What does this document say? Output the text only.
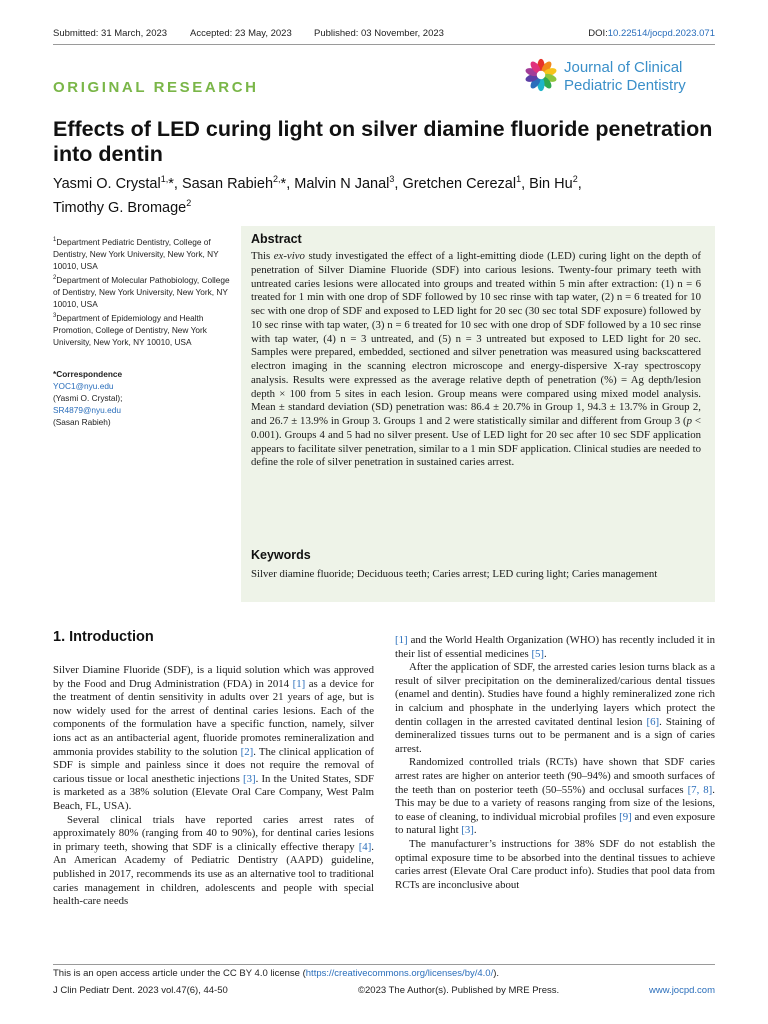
Submitted: 31 March, 2023 Accepted: 23 May, 2023 Published: 03 November, 2023	DOI:10.22514/jocpd.2023.071
ORIGINAL RESEARCH
Journal of Clinical
Pediatric Dentistry
Effects of LED curing light on silver diamine fluoride penetration into dentin
Yasmi O. Crystal$^{1,}$*, Sasan Rabieh$^{2,}$*, Malvin N Janal$^3$, Gretchen Cerezal$^1$, Bin Hu$^2$,
Timothy G. Bromage$^2$

$^1$Department Pediatric Dentistry, College of Dentistry, New York University, New York, NY 10010, USA

$^2$Department of Molecular Pathobiology, College of Dentistry, New York University, New York, NY 10010, USA

$^3$Department of Epidemiology and Health Promotion, College of Dentistry, New York University, New York, NY 10010, USA

*Correspondence
YOC1@nyu.edu
(Yasmi O. Crystal);
SR4879@nyu.edu
(Sasan Rabieh)
Abstract

This ex-vivo study investigated the effect of a light-emitting diode (LED) curing light on the depth of penetration of Silver Diamine Fluoride (SDF) into carious lesions. Twenty-four primary teeth with untreated caries lesions were allocated into groups and treated within 5 min after extraction: (1) n = 6 treated for 1 min with one drop of SDF followed by 10 sec rinse with tap water, (2) n = 6 treated for 10 sec with one drop of SDF and exposed to LED light for 20 sec (30 sec total SDF exposure) followed by 10 sec rinse with tap water, (3) n = 6 treated for 10 sec with one drop of SDF followed by a 10 sec rinse with tap water, (4) n = 3 untreated, and (5) n = 3 untreated but exposed to LED light for 20 sec. Samples were prepared, embedded, sectioned and silver penetration was measured using backscattered electron imaging in the scanning electron microscope and energy-dispersive X-ray spectroscopy analysis. Results were expressed as the average relative depth of penetration (%) = Ag depth/lesion depth × 100 from 5 sites in each lesion. Group means were compared using mixed model analysis. Mean ± standard deviation (SD) penetration was: 86.4 ± 20.7% in Group 1, 94.3 ± 13.7% in Group 2, and 26.7 ± 13.9% in Group 3. Groups 1 and 2 were statistically similar and different from Group 3 (p < 0.001). Groups 4 and 5 had no silver present. Use of LED light for 20 sec after 10 sec SDF application appears to facilitate silver penetration, similar to a 1 min SDF application. Clinical studies are needed to define the role of silver penetration in sustained caries arrest.

Keywords

Silver diamine fluoride; Deciduous teeth; Caries arrest; LED curing light; Caries management

1. Introduction

Silver Diamine Fluoride (SDF), is a liquid solution which was approved by the Food and Drug Administration (FDA) in 2014 [1] as a device for the treatment of dentin sensitivity in adults over 21 years of age, but is now widely used for the arrest of dentinal caries lesions. Each of the components of the formulation have a specific function, namely, silver ions act as an antibacterial agent, fluoride promotes remineralization and ammonia provides stability to the solution [2]. The clinical application of SDF is simple and painless since it does not require the removal of carious tissue or local anesthetic injections [3]. In the United States, SDF is marketed as a 38% solution (Elevate Oral Care Company, West Palm Beach, FL, USA).

Several clinical trials have reported caries arrest rates of approximately 80% (ranging from 40 to 90%), for dentinal caries lesions in primary teeth, showing that SDF is a clinically effective therapy [4]. An American Academy of Pediatric Dentistry (AAPD) guideline, published in 2017, recommends its use as an alternative tool to traditional caries management in children, adolescents and people with special health-care needs

[1] and the World Health Organization (WHO) has recently included it in their list of essential medicines [5].

After the application of SDF, the arrested caries lesion turns black as a result of silver precipitation on the demineralized/carious dental tissues (enamel and dentin). Studies have found a highly remineralized zone rich in calcium and phosphate in the underlying layers which protect the dentin collagen in the arrested cavitated dentinal lesion [6]. Staining of demineralized tissues turns out to be permanent and is a sign of caries arrest.

Randomized controlled trials (RCTs) have shown that SDF caries arrest rates are higher on anterior teeth (90–94%) and smooth surfaces of the teeth than on posterior teeth (50–55%) and occlusal surfaces [7, 8]. This may be due to a variety of reasons ranging from size of the lesions, to ease of cleaning, to individual microbial profiles [9] and even exposure to natural light [3].

The manufacturer’s instructions for 38% SDF do not establish the optimal exposure time to be absorbed into the dentinal tissues to achieve caries arrest (Elevate Oral Care product info). Studies that pool data from RCTs are inconclusive about

This is an open access article under the CC BY 4.0 license (https://creativecommons.org/licenses/by/4.0/).
J Clin Pediatr Dent. 2023 vol.47(6), 44-50	©2023 The Author(s). Published by MRE Press.	www.jocpd.com
